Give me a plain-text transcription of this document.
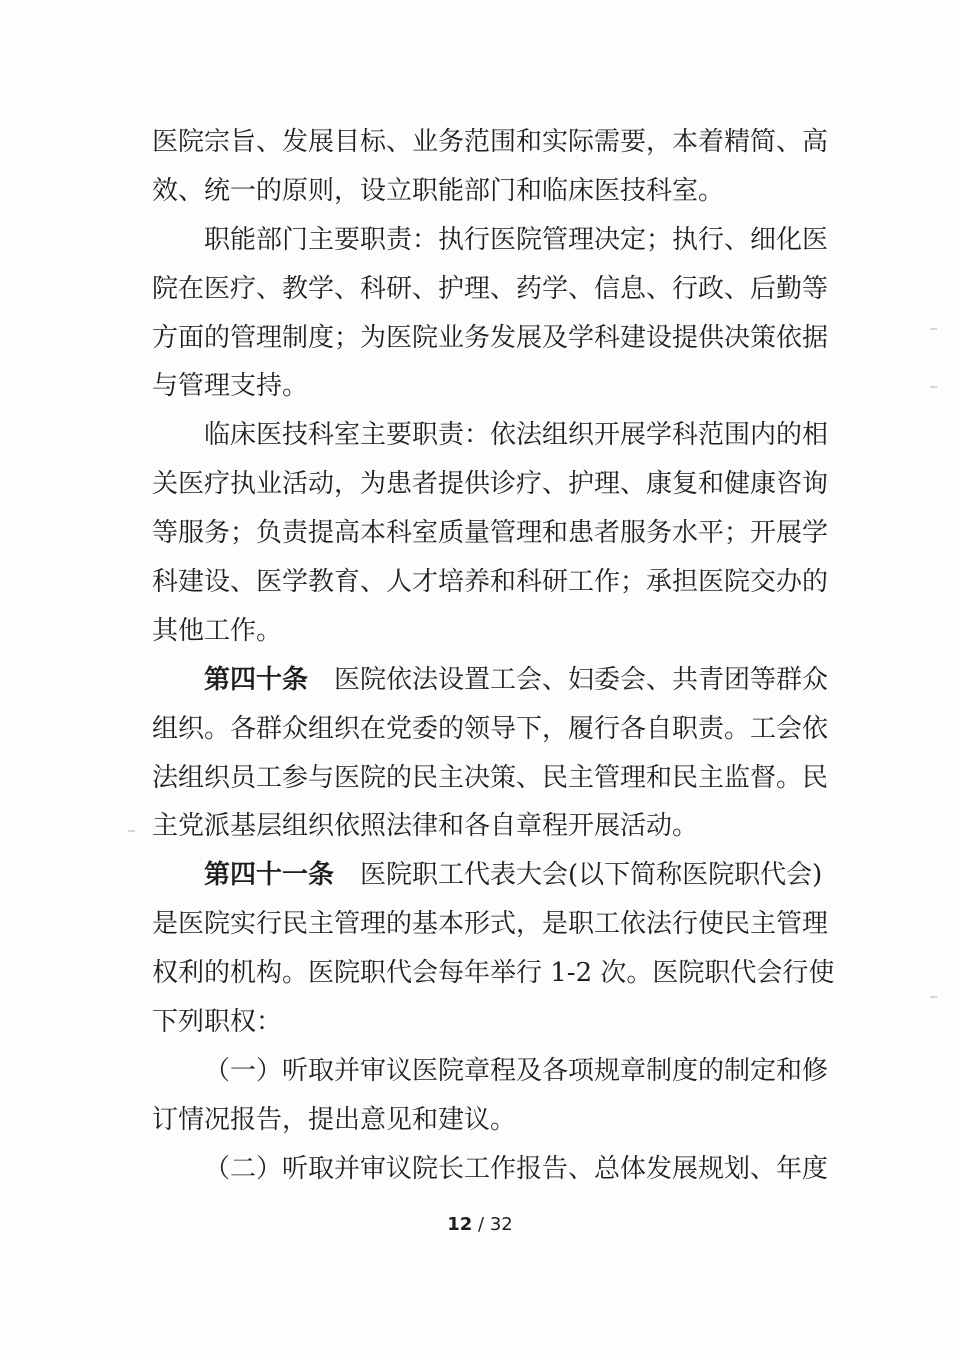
医院宗旨、发展目标、业务范围和实际需要，本着精简、高
效、统一的原则，设立职能部门和临床医技科室。
职能部门主要职责：执行医院管理决定；执行、细化医
院在医疗、教学、科研、护理、药学、信息、行政、后勤等
方面的管理制度；为医院业务发展及学科建设提供决策依据
与管理支持。
临床医技科室主要职责：依法组织开展学科范围内的相
关医疗执业活动，为患者提供诊疗、护理、康复和健康咨询
等服务；负责提高本科室质量管理和患者服务水平；开展学
科建设、医学教育、人才培养和科研工作；承担医院交办的
其他工作。
第四十条 医院依法设置工会、妇委会、共青团等群众
组织。各群众组织在党委的领导下，履行各自职责。工会依
法组织员工参与医院的民主决策、民主管理和民主监督。民
主党派基层组织依照法律和各自章程开展活动。
第四十一条 医院职工代表大会(以下简称医院职代会)
是医院实行民主管理的基本形式，是职工依法行使民主管理
权利的机构。医院职代会每年举行 1-2 次。医院职代会行使
下列职权：
（一）听取并审议医院章程及各项规章制度的制定和修
订情况报告，提出意见和建议。
（二）听取并审议院长工作报告、总体发展规划、年度
12 / 32
